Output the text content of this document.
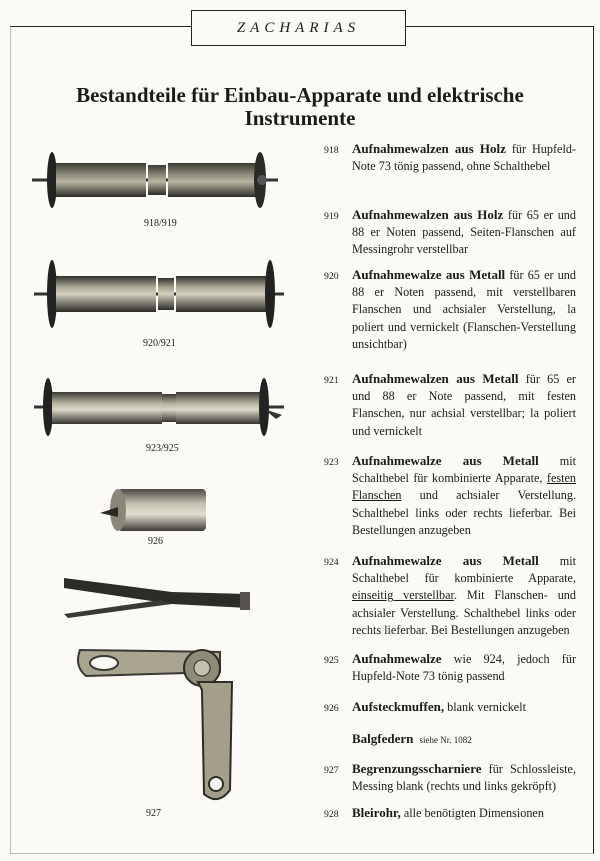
ZACHARIAS
Bestandteile für Einbau-Apparate und elektrische Instrumente
918/919
920/921
923/925
926
927
918 Aufnahmewalzen aus Holz für Hupfeld-Note 73 tönig passend, ohne Schalthebel
919 Aufnahmewalzen aus Holz für 65 er und 88 er Noten passend, Seiten-Flanschen auf Messingrohr verstellbar
920 Aufnahmewalze aus Metall für 65 er und 88 er Noten passend, mit verstellbaren Flanschen und achsialer Verstellung, la poliert und vernickelt (Flanschen-Verstellung unsichtbar)
921 Aufnahmewalzen aus Metall für 65 er und 88 er Note passend, mit festen Flanschen, nur achsial verstellbar; la poliert und vernickelt
923 Aufnahmewalze aus Metall mit Schalthebel für kombinierte Apparate, festen Flanschen und achsialer Verstellung. Schalthebel links oder rechts lieferbar. Bei Bestellungen anzugeben
924 Aufnahmewalze aus Metall mit Schalthebel für kombinierte Apparate, einseitig verstellbar. Mit Flanschen- und achsialer Verstellung. Schalthebel links oder rechts lieferbar. Bei Bestellungen anzugeben
925 Aufnahmewalze wie 924, jedoch für Hupfeld-Note 73 tönig passend
926 Aufsteckmuffen, blank vernickelt
Balgfedern siehe Nr. 1082
927 Begrenzungsscharniere für Schlossleiste, Messing blank (rechts und links gekröpft)
928 Bleirohr, alle benötigten Dimensionen
